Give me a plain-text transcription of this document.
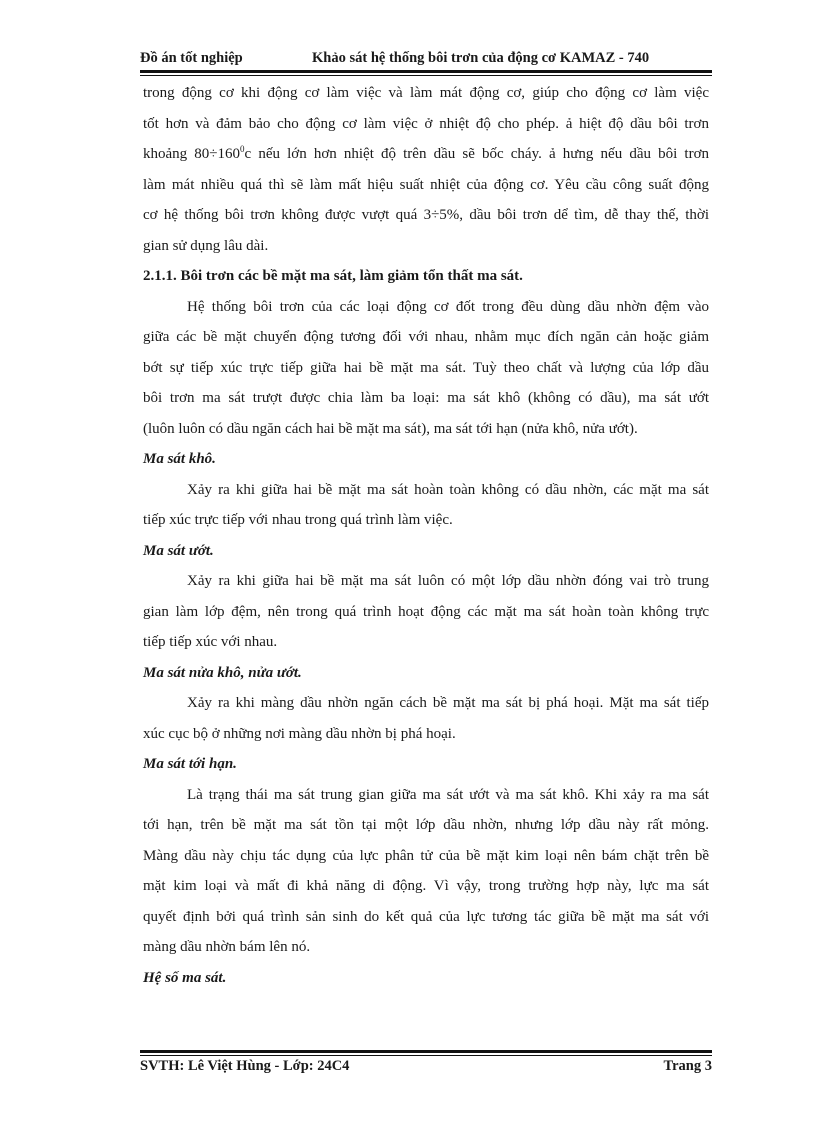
Đồ án tốt nghiệp	Khảo sát hệ thống bôi trơn của động cơ KAMAZ - 740
trong động cơ khi động cơ làm việc và làm mát động cơ, giúp cho động cơ làm việc
tốt hơn và đảm bảo cho động cơ làm việc ở nhiệt độ cho phép. ả hiệt độ dầu bôi trơn
khoảng $80\div 160^0c$ nếu lớn hơn nhiệt độ trên dầu sẽ bốc cháy. ả hưng nếu dầu bôi trơn
làm mát nhiều quá thì sẽ làm mất hiệu suất nhiệt của động cơ. Yêu cầu công suất động
cơ hệ thống bôi trơn không được vượt quá 3÷5%, dầu bôi trơn dể tìm, dễ thay thế, thời
gian sử dụng lâu dài.
2.1.1. Bôi trơn các bề mặt ma sát, làm giảm tổn thất ma sát.
Hệ thống bôi trơn của các loại động cơ đốt trong đều dùng dầu nhờn đệm vào
giữa các bề mặt chuyển động tương đối với nhau, nhằm mục đích ngăn cản hoặc giảm
bớt sự tiếp xúc trực tiếp giữa hai bề mặt ma sát. Tuỳ theo chất và lượng của lớp dầu
bôi trơn ma sát trượt được chia làm ba loại: ma sát khô (không có dầu), ma sát ướt
(luôn luôn có dầu ngăn cách hai bề mặt ma sát), ma sát tới hạn (nửa khô, nửa ướt).
Ma sát khô.
Xảy ra khi giữa hai bề mặt ma sát hoàn toàn không có dầu nhờn, các mặt ma sát
tiếp xúc trực tiếp với nhau trong quá trình làm việc.
Ma sát ướt.
Xảy ra khi giữa hai bề mặt ma sát luôn có một lớp dầu nhờn đóng vai trò trung
gian làm lớp đệm, nên trong quá trình hoạt động các mặt ma sát hoàn toàn không trực
tiếp tiếp xúc với nhau.
Ma sát nửa khô, nửa ướt.
Xảy ra khi màng dầu nhờn ngăn cách bề mặt ma sát bị phá hoại. Mặt ma sát tiếp
xúc cục bộ ở những nơi màng dầu nhờn bị phá hoại.
Ma sát tới hạn.
Là trạng thái ma sát trung gian giữa ma sát ướt và ma sát khô. Khi xảy ra ma sát
tới hạn, trên bề mặt ma sát tồn tại một lớp dầu nhờn, nhưng lớp dầu này rất mỏng.
Màng dầu này chịu tác dụng của lực phân tử của bề mặt kim loại nên bám chặt trên bề
mặt kim loại và mất đi khả năng di động. Vì vậy, trong trường hợp này, lực ma sát
quyết định bởi quá trình sản sinh do kết quả của lực tương tác giữa bề mặt ma sát với
màng dầu nhờn bám lên nó.
Hệ số ma sát.
SVTH: Lê Việt Hùng - Lớp: 24C4	Trang 3
